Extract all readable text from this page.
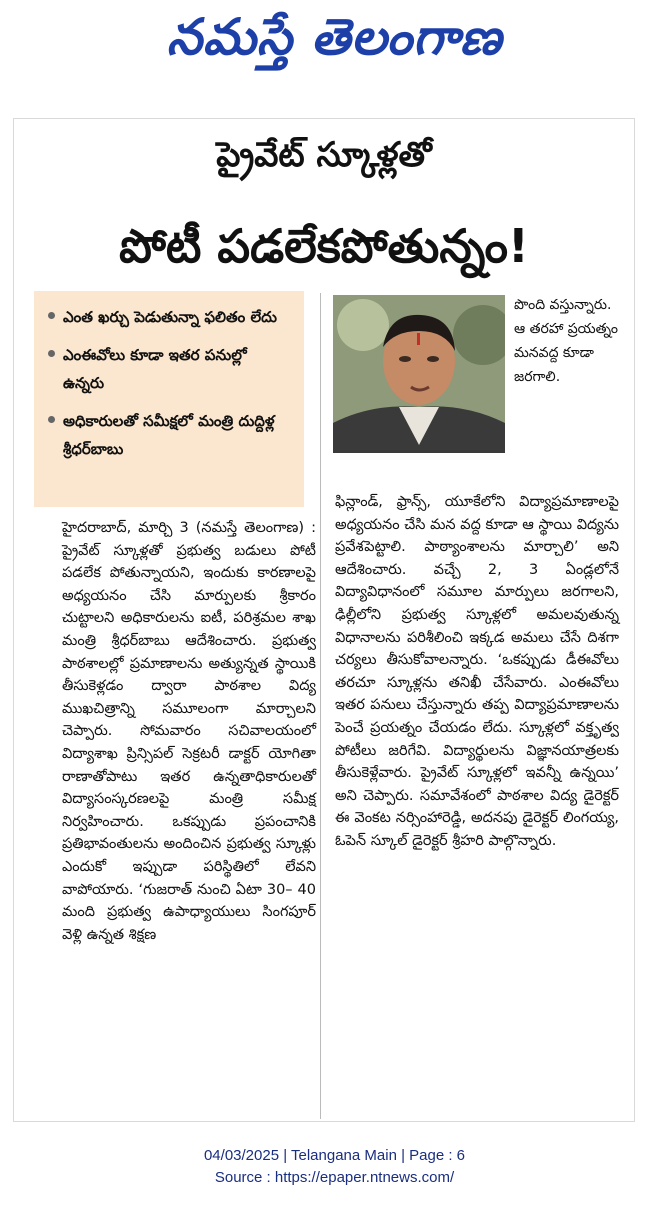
నమస్తే తెలంగాణ
ప్రైవేట్ స్కూళ్లతో
పోటీ పడలేకపోతున్నం!
ఎంత ఖర్చు పెడుతున్నా ఫలితం లేదు
ఎంఈవోలు కూడా ఇతర పనుల్లో ఉన్నరు
అధికారులతో సమీక్షలో మంత్రి దుద్దిళ్ల శ్రీధర్‌బాబు
పొంది వస్తున్నారు. ఆ తరహా ప్రయత్నం మనవద్ద కూడా జరగాలి.
హైదరాబాద్, మార్చి 3 (నమస్తే తెలంగాణ) : ప్రైవేట్ స్కూళ్లతో ప్రభుత్వ బడులు పోటీ పడలేక పోతున్నాయని, ఇందుకు కారణాలపై అధ్యయనం చేసి మార్పులకు శ్రీకారం చుట్టాలని అధికారులను ఐటీ, పరిశ్రమల శాఖ మంత్రి శ్రీధర్‌బాబు ఆదేశించారు. ప్రభుత్వ పాఠశాలల్లో ప్రమాణాలను అత్యున్నత స్థాయికి తీసుకెళ్లడం ద్వారా పాఠశాల విద్య ముఖచిత్రాన్ని సమూలంగా మార్చాలని చెప్పారు. సోమవారం సచివాలయంలో విద్యాశాఖ ప్రిన్సిపల్ సెక్రటరీ డాక్టర్ యోగితా రాణాతోపాటు ఇతర ఉన్నతాధికారులతో విద్యాసంస్కరణలపై మంత్రి సమీక్ష నిర్వహించారు. ఒకప్పుడు ప్రపంచానికి ప్రతిభావంతులను అందించిన ప్రభుత్వ స్కూళ్లు ఎందుకో ఇప్పుడా పరిస్థితిలో లేవని వాపోయారు. ‘గుజరాత్ నుంచి ఏటా 30– 40 మంది ప్రభుత్వ ఉపాధ్యాయులు సింగపూర్ వెళ్లి ఉన్నత శిక్షణ
ఫిన్లాండ్, ఫ్రాన్స్, యూకేలోని విద్యాప్రమాణాలపై అధ్యయనం చేసి మన వద్ద కూడా ఆ స్థాయి విద్యను ప్రవేశపెట్టాలి. పాఠ్యాంశాలను మార్చాలి’ అని ఆదేశించారు. వచ్చే 2, 3 ఏండ్లలోనే విద్యావిధానంలో సమూల మార్పులు జరగాలని, ఢిల్లీలోని ప్రభుత్వ స్కూళ్లలో అమలవుతున్న విధానాలను పరిశీలించి ఇక్కడ అమలు చేసే దిశగా చర్యలు తీసుకోవాలన్నారు. ‘ఒకప్పుడు డీఈవోలు తరచూ స్కూళ్లను తనిఖీ చేసేవారు. ఎంఈవోలు ఇతర పనులు చేస్తున్నారు తప్ప విద్యాప్రమాణాలను పెంచే ప్రయత్నం చేయడం లేదు. స్కూళ్లలో వక్తృత్వ పోటీలు జరిగేవి. విద్యార్థులను విజ్ఞానయాత్రలకు తీసుకెళ్లేవారు. ప్రైవేట్ స్కూళ్లలో ఇవన్నీ ఉన్నయి’ అని చెప్పారు. సమావేశంలో పాఠశాల విద్య డైరెక్టర్ ఈ వెంకట నర్సింహారెడ్డి, అదనపు డైరెక్టర్ లింగయ్య, ఓపెన్ స్కూల్ డైరెక్టర్ శ్రీహరి పాల్గొన్నారు.
04/03/2025 | Telangana Main | Page : 6
Source : https://epaper.ntnews.com/
